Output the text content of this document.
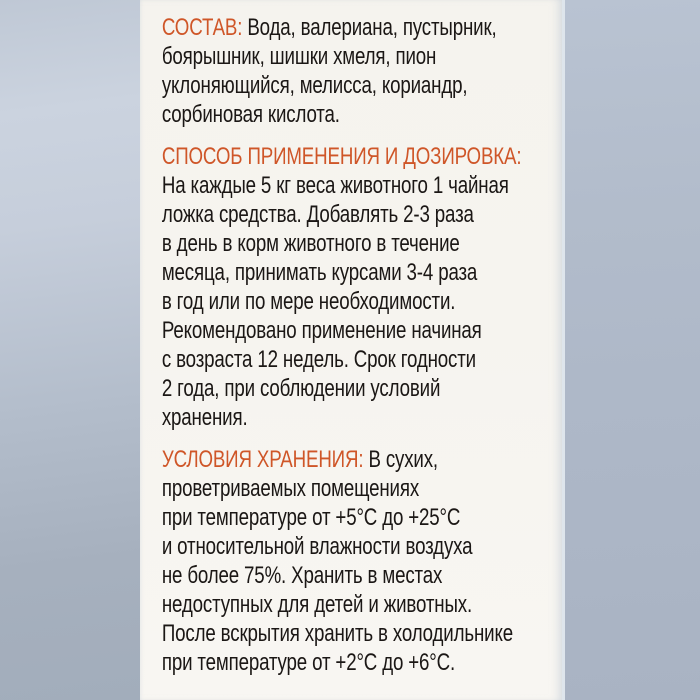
СОСТАВ: Вода, валериана, пустырник,
боярышник, шишки хмеля, пион
уклоняющийся, мелисса, кориандр,
сорбиновая кислота.
СПОСОБ ПРИМЕНЕНИЯ И ДОЗИРОВКА:
На каждые 5 кг веса животного 1 чайная
ложка средства. Добавлять 2-3 раза
в день в корм животного в течение
месяца, принимать курсами 3-4 раза
в год или по мере необходимости.
Рекомендовано применение начиная
с возраста 12 недель. Срок годности
2 года, при соблюдении условий
хранения.
УСЛОВИЯ ХРАНЕНИЯ: В сухих,
проветриваемых помещениях
при температуре от +5°С до +25°С
и относительной влажности воздуха
не более 75%. Хранить в местах
недоступных для детей и животных.
После вскрытия хранить в холодильнике
при температуре от +2°С до +6°С.
